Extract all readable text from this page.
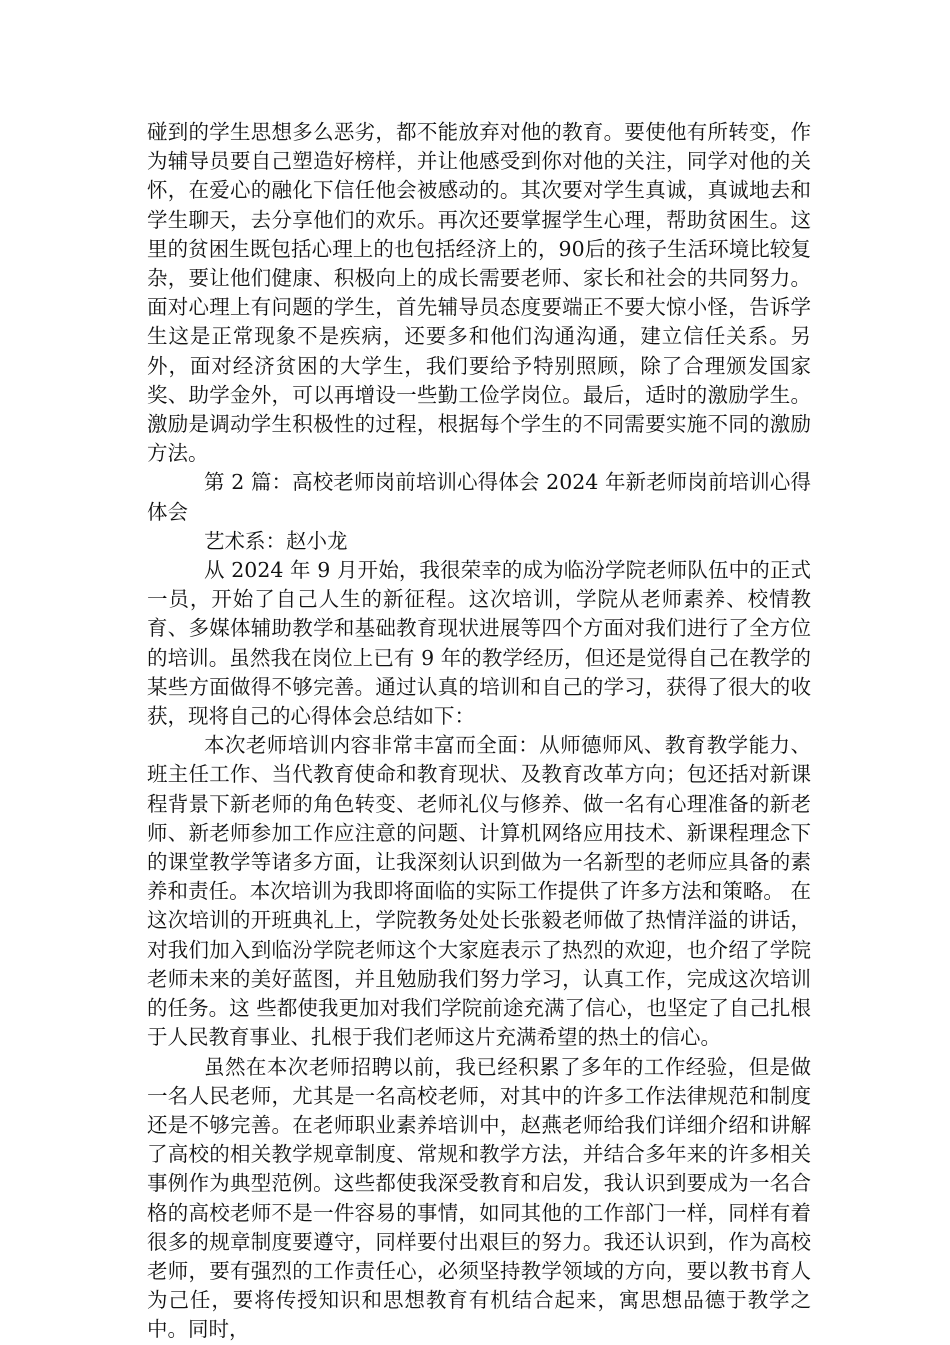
碰到的学生思想多么恶劣，都不能放弃对他的教育。要使他有所转变，作为辅导员要自己塑造好榜样，并让他感受到你对他的关注，同学对他的关怀，在爱心的融化下信任他会被感动的。其次要对学生真诚，真诚地去和学生聊天，去分享他们的欢乐。再次还要掌握学生心理，帮助贫困生。这里的贫困生既包括心理上的也包括经济上的，90后的孩子生活环境比较复杂，要让他们健康、积极向上的成长需要老师、家长和社会的共同努力。面对心理上有问题的学生，首先辅导员态度要端正不要大惊小怪，告诉学生这是正常现象不是疾病，还要多和他们沟通沟通，建立信任关系。另外，面对经济贫困的大学生，我们要给予特别照顾，除了合理颁发国家奖、助学金外，可以再增设一些勤工俭学岗位。最后，适时的激励学生。激励是调动学生积极性的过程，根据每个学生的不同需要实施不同的激励方法。

第 2 篇：高校老师岗前培训心得体会 2024 年新老师岗前培训心得体会

艺术系：赵小龙

从 2024 年 9 月开始，我很荣幸的成为临汾学院老师队伍中的正式一员，开始了自己人生的新征程。这次培训，学院从老师素养、校情教育、多媒体辅助教学和基础教育现状进展等四个方面对我们进行了全方位的培训。虽然我在岗位上已有 9 年的教学经历，但还是觉得自己在教学的某些方面做得不够完善。通过认真的培训和自己的学习，获得了很大的收获，现将自己的心得体会总结如下：

本次老师培训内容非常丰富而全面：从师德师风、教育教学能力、班主任工作、当代教育使命和教育现状、及教育改革方向；包还括对新课程背景下新老师的角色转变、老师礼仪与修养、做一名有心理准备的新老师、新老师参加工作应注意的问题、计算机网络应用技术、新课程理念下的课堂教学等诸多方面，让我深刻认识到做为一名新型的老师应具备的素养和责任。本次培训为我即将面临的实际工作提供了许多方法和策略。 在这次培训的开班典礼上，学院教务处处长张毅老师做了热情洋溢的讲话，对我们加入到临汾学院老师这个大家庭表示了热烈的欢迎，也介绍了学院老师未来的美好蓝图，并且勉励我们努力学习，认真工作，完成这次培训的任务。这 些都使我更加对我们学院前途充满了信心，也坚定了自己扎根于人民教育事业、扎根于我们老师这片充满希望的热土的信心。

虽然在本次老师招聘以前，我已经积累了多年的工作经验，但是做一名人民老师，尤其是一名高校老师，对其中的许多工作法律规范和制度还是不够完善。在老师职业素养培训中，赵燕老师给我们详细介绍和讲解了高校的相关教学规章制度、常规和教学方法，并结合多年来的许多相关事例作为典型范例。这些都使我深受教育和启发，我认识到要成为一名合格的高校老师不是一件容易的事情，如同其他的工作部门一样，同样有着很多的规章制度要遵守，同样要付出艰巨的努力。我还认识到，作为高校老师，要有强烈的工作责任心，必须坚持教学领域的方向，要以教书育人为己任，要将传授知识和思想教育有机结合起来，寓思想品德于教学之中。同时，
